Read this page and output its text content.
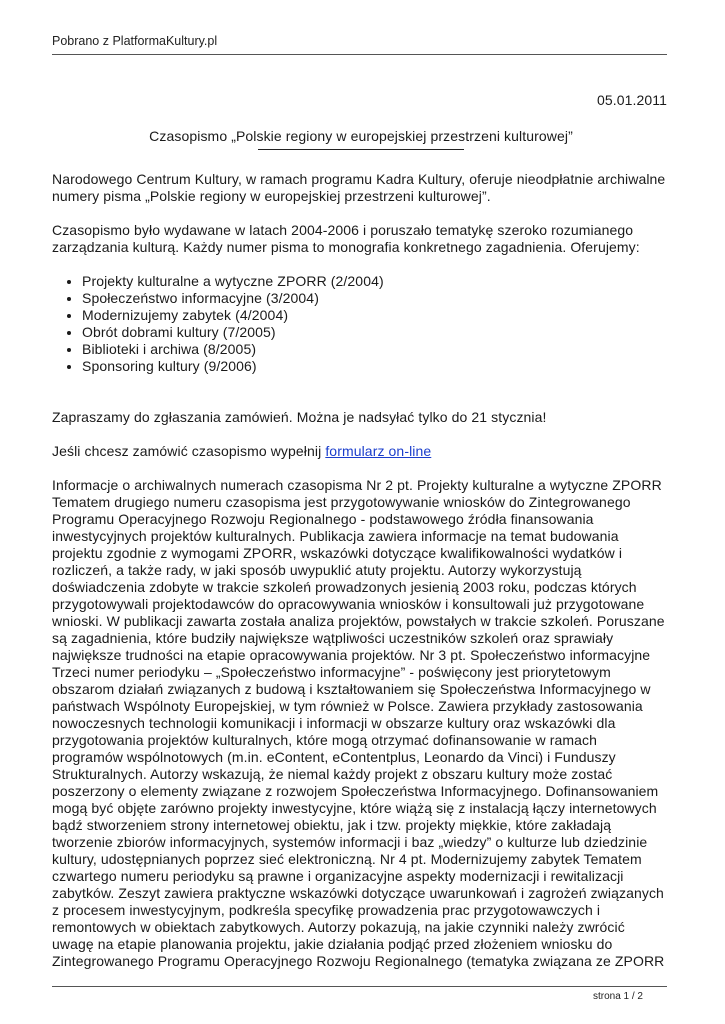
Pobrano z PlatformaKultury.pl

05.01.2011

Czasopismo „Polskie regiony w europejskiej przestrzeni kulturowej”

Narodowego Centrum Kultury, w ramach programu Kadra Kultury, oferuje nieodpłatnie archiwalne numery pisma „Polskie regiony w europejskiej przestrzeni kulturowej”.

Czasopismo było wydawane w latach 2004-2006 i poruszało tematykę szeroko rozumianego zarządzania kulturą. Każdy numer pisma to monografia konkretnego zagadnienia. Oferujemy:

• Projekty kulturalne a wytyczne ZPORR (2/2004)
• Społeczeństwo informacyjne (3/2004)
• Modernizujemy zabytek (4/2004)
• Obrót dobrami kultury (7/2005)
• Biblioteki i archiwa (8/2005)
• Sponsoring kultury (9/2006)

Zapraszamy do zgłaszania zamówień. Można je nadsyłać tylko do 21 stycznia!

Jeśli chcesz zamówić czasopismo wypełnij formularz on-line

Informacje o archiwalnych numerach czasopisma Nr 2 pt. Projekty kulturalne a wytyczne ZPORR Tematem drugiego numeru czasopisma jest przygotowywanie wniosków do Zintegrowanego Programu Operacyjnego Rozwoju Regionalnego - podstawowego źródła finansowania inwestycyjnych projektów kulturalnych. Publikacja zawiera informacje na temat budowania projektu zgodnie z wymogami ZPORR, wskazówki dotyczące kwalifikowalności wydatków i rozliczeń, a także rady, w jaki sposób uwypuklić atuty projektu. Autorzy wykorzystują doświadczenia zdobyte w trakcie szkoleń prowadzonych jesienią 2003 roku, podczas których przygotowywali projektodawców do opracowywania wniosków i konsultowali już przygotowane wnioski. W publikacji zawarta została analiza projektów, powstałych w trakcie szkoleń. Poruszane są zagadnienia, które budziły największe wątpliwości uczestników szkoleń oraz sprawiały największe trudności na etapie opracowywania projektów. Nr 3 pt. Społeczeństwo informacyjne Trzeci numer periodyku – „Społeczeństwo informacyjne” - poświęcony jest priorytetowym obszarom działań związanych z budową i kształtowaniem się Społeczeństwa Informacyjnego w państwach Wspólnoty Europejskiej, w tym również w Polsce. Zawiera przykłady zastosowania nowoczesnych technologii komunikacji i informacji w obszarze kultury oraz wskazówki dla przygotowania projektów kulturalnych, które mogą otrzymać dofinansowanie w ramach programów wspólnotowych (m.in. eContent, eContentplus, Leonardo da Vinci) i Funduszy Strukturalnych. Autorzy wskazują, że niemal każdy projekt z obszaru kultury może zostać poszerzony o elementy związane z rozwojem Społeczeństwa Informacyjnego. Dofinansowaniem mogą być objęte zarówno projekty inwestycyjne, które wiążą się z instalacją łączy internetowych bądź stworzeniem strony internetowej obiektu, jak i tzw. projekty miękkie, które zakładają tworzenie zbiorów informacyjnych, systemów informacji i baz „wiedzy” o kulturze lub dziedzinie kultury, udostępnianych poprzez sieć elektroniczną. Nr 4 pt. Modernizujemy zabytek Tematem czwartego numeru periodyku są prawne i organizacyjne aspekty modernizacji i rewitalizacji zabytków. Zeszyt zawiera praktyczne wskazówki dotyczące uwarunkowań i zagrożeń związanych z procesem inwestycyjnym, podkreśla specyfikę prowadzenia prac przygotowawczych i remontowych w obiektach zabytkowych. Autorzy pokazują, na jakie czynniki należy zwrócić uwagę na etapie planowania projektu, jakie działania podjąć przed złożeniem wniosku do Zintegrowanego Programu Operacyjnego Rozwoju Regionalnego (tematyka związana ze ZPORR

strona 1 / 2
